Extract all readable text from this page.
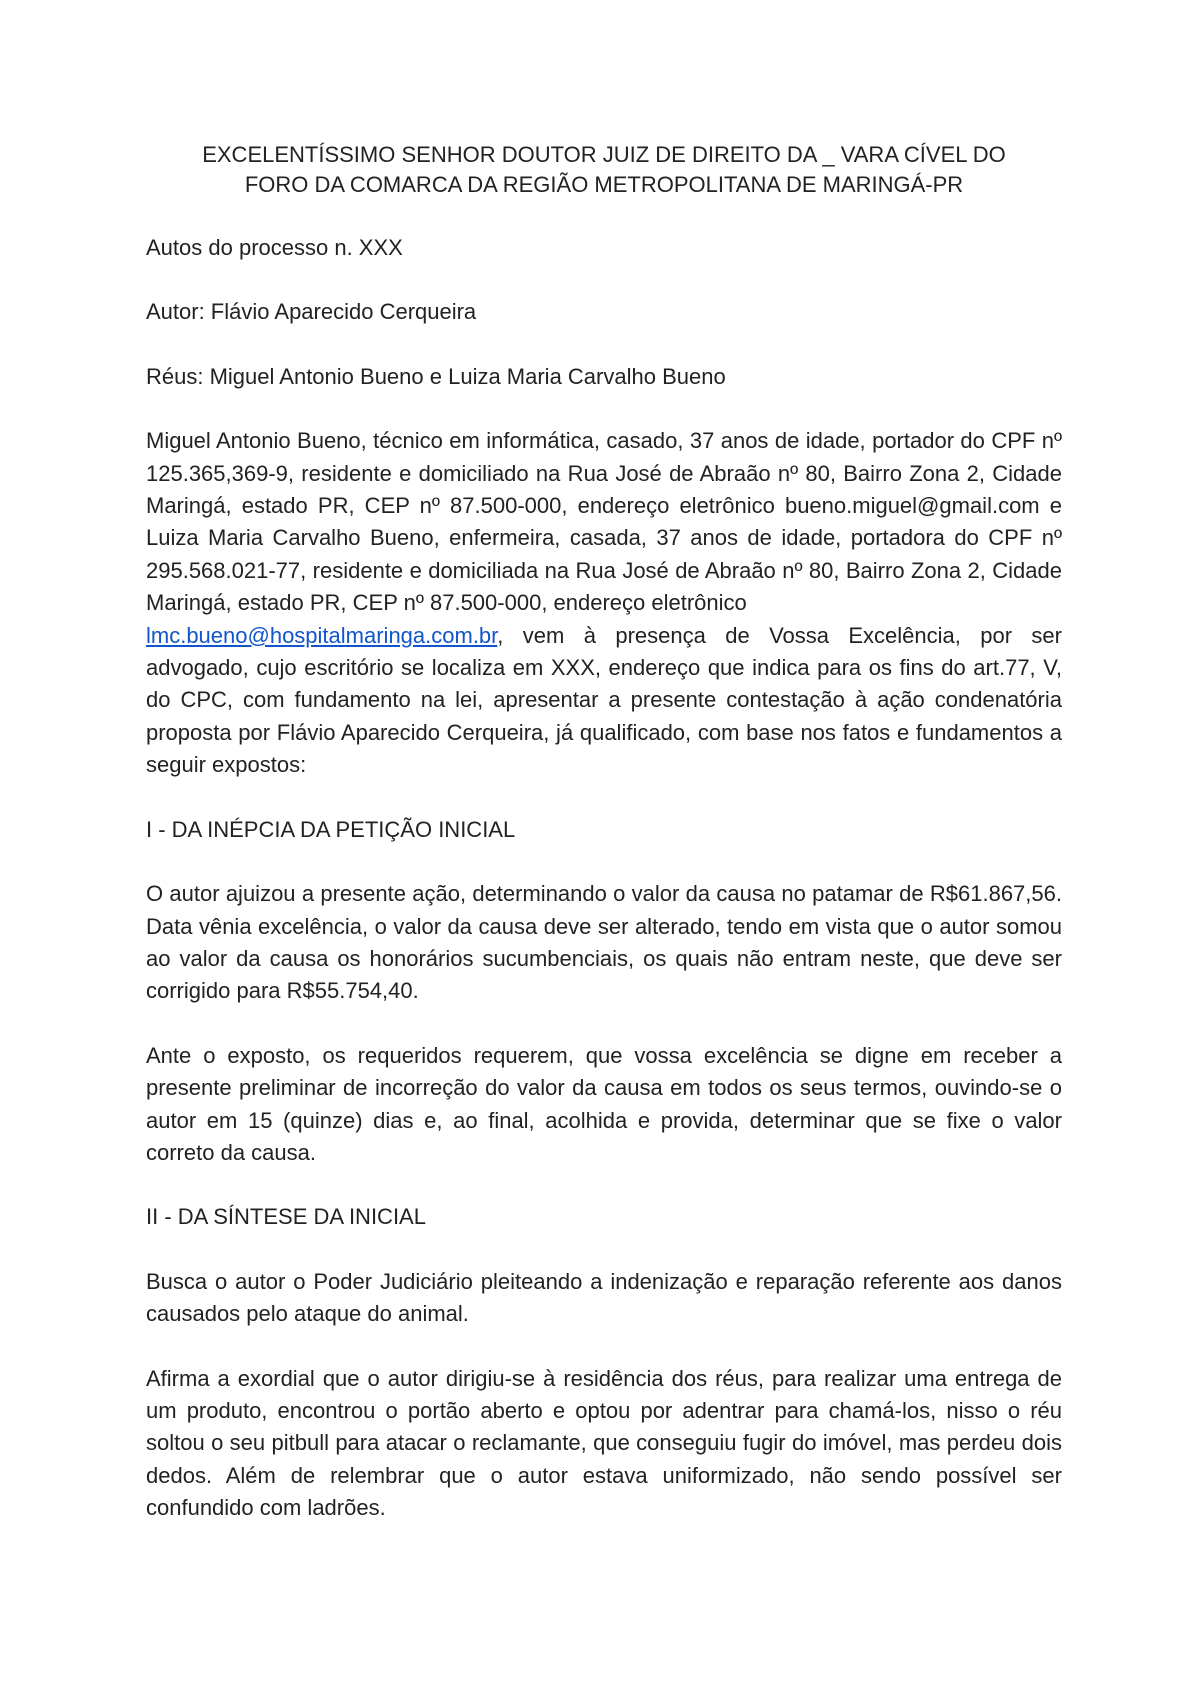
EXCELENTÍSSIMO SENHOR DOUTOR JUIZ DE DIREITO DA _ VARA CÍVEL DO
FORO DA COMARCA DA REGIÃO METROPOLITANA DE MARINGÁ-PR
Autos do processo n. XXX
Autor: Flávio Aparecido Cerqueira
Réus: Miguel Antonio Bueno e Luiza Maria Carvalho Bueno
Miguel Antonio Bueno, técnico em informática, casado, 37 anos de idade, portador do CPF nº 125.365,369-9, residente e domiciliado na Rua José de Abraão nº 80, Bairro Zona 2, Cidade Maringá, estado PR, CEP nº 87.500-000, endereço eletrônico bueno.miguel@gmail.com e Luiza Maria Carvalho Bueno, enfermeira, casada, 37 anos de idade, portadora do CPF nº 295.568.021-77, residente e domiciliada na Rua José de Abraão nº 80, Bairro Zona 2, Cidade Maringá, estado PR, CEP nº 87.500-000, endereço eletrônico
lmc.bueno@hospitalmaringa.com.br, vem à presença de Vossa Excelência, por ser advogado, cujo escritório se localiza em XXX, endereço que indica para os fins do art.77, V, do CPC, com fundamento na lei, apresentar a presente contestação à ação condenatória proposta por Flávio Aparecido Cerqueira, já qualificado, com base nos fatos e fundamentos a seguir expostos:
I - DA INÉPCIA DA PETIÇÃO INICIAL
O autor ajuizou a presente ação, determinando o valor da causa no patamar de R$61.867,56. Data vênia excelência, o valor da causa deve ser alterado, tendo em vista que o autor somou ao valor da causa os honorários sucumbenciais, os quais não entram neste, que deve ser corrigido para R$55.754,40.
Ante o exposto, os requeridos requerem, que vossa excelência se digne em receber a presente preliminar de incorreção do valor da causa em todos os seus termos, ouvindo-se o autor em 15 (quinze) dias e, ao final, acolhida e provida, determinar que se fixe o valor correto da causa.
II - DA SÍNTESE DA INICIAL
Busca o autor o Poder Judiciário pleiteando a indenização e reparação referente aos danos causados pelo ataque do animal.
Afirma a exordial que o autor dirigiu-se à residência dos réus, para realizar uma entrega de um produto, encontrou o portão aberto e optou por adentrar para chamá-los, nisso o réu soltou o seu pitbull para atacar o reclamante, que conseguiu fugir do imóvel, mas perdeu dois dedos. Além de relembrar que o autor estava uniformizado, não sendo possível ser confundido com ladrões.
